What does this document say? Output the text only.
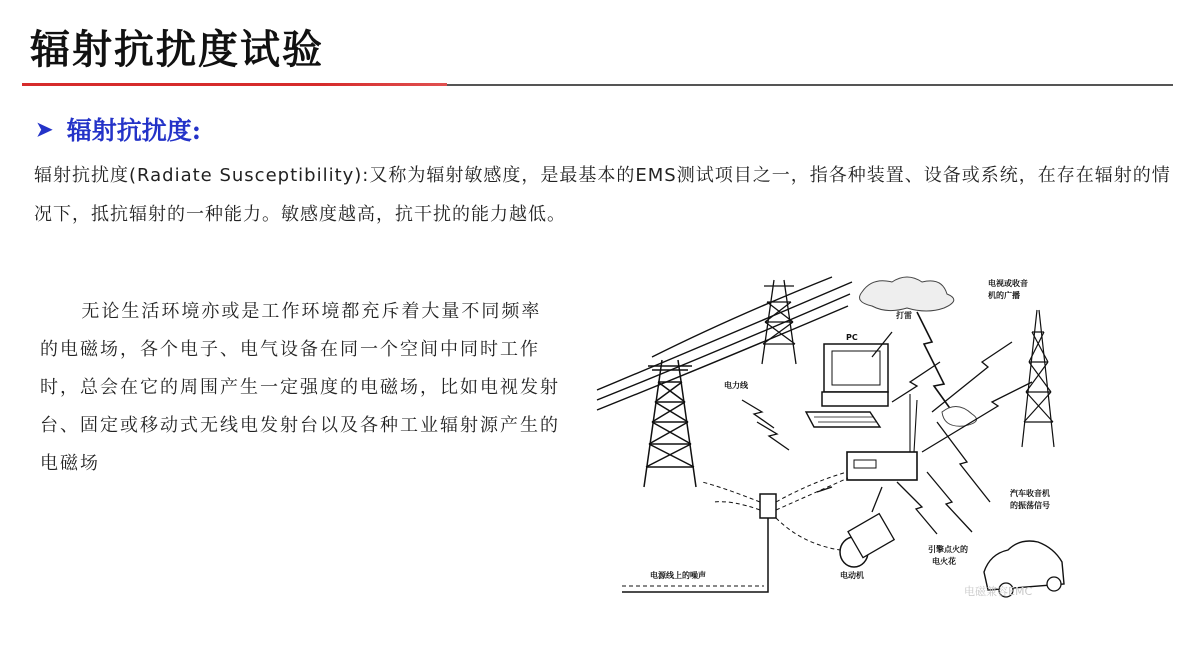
辐射抗扰度试验
➤ 辐射抗扰度:
辐射抗扰度(Radiate Susceptibility):又称为辐射敏感度，是最基本的EMS测试项目之一，指各种装置、设备或系统，在存在辐射的情况下，抵抗辐射的一种能力。敏感度越高，抗干扰的能力越低。
无论生活环境亦或是工作环境都充斥着大量不同频率的电磁场，各个电子、电气设备在同一个空间中同时工作时，总会在它的周围产生一定强度的电磁场，比如电视发射台、固定或移动式无线电发射台以及各种工业辐射源产生的电磁场
PC
电力线
打雷
电视或收音
机的广播
汽车收音机
的振荡信号
引擎点火的
电火花
电动机
电源线上的噪声
电磁兼容EMC
